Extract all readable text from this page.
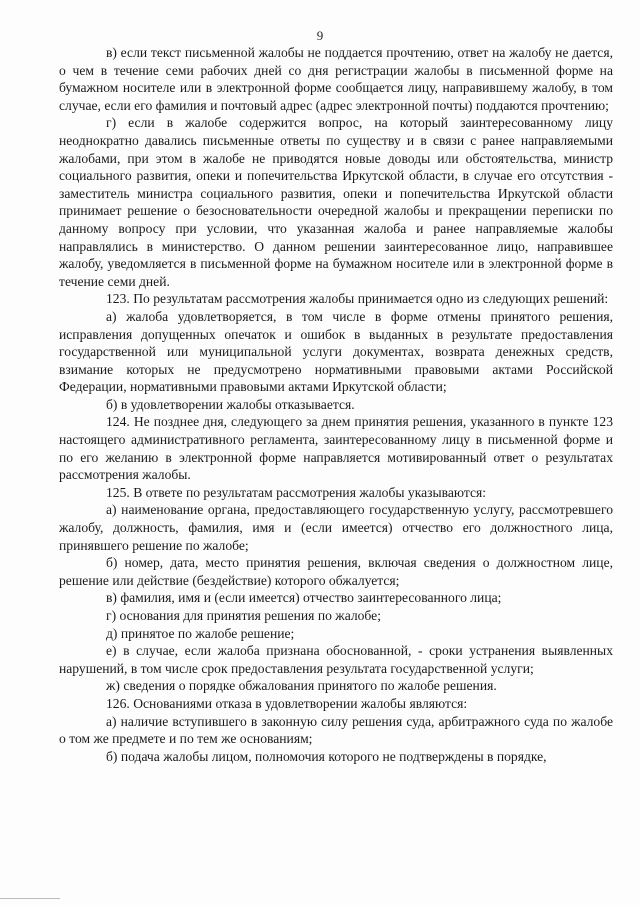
9

в) если текст письменной жалобы не поддается прочтению, ответ на жалобу не дается, о чем в течение семи рабочих дней со дня регистрации жалобы в письменной форме на бумажном носителе или в электронной форме сообщается лицу, направившему жалобу, в том случае, если его фамилия и почтовый адрес (адрес электронной почты) поддаются прочтению;

г) если в жалобе содержится вопрос, на который заинтересованному лицу неоднократно давались письменные ответы по существу и в связи с ранее направляемыми жалобами, при этом в жалобе не приводятся новые доводы или обстоятельства, министр социального развития, опеки и попечительства Иркутской области, в случае его отсутствия - заместитель министра социального развития, опеки и попечительства Иркутской области принимает решение о безосновательности очередной жалобы и прекращении переписки по данному вопросу при условии, что указанная жалоба и ранее направляемые жалобы направлялись в министерство. О данном решении заинтересованное лицо, направившее жалобу, уведомляется в письменной форме на бумажном носителе или в электронной форме в течение семи дней.

123. По результатам рассмотрения жалобы принимается одно из следующих решений:

а) жалоба удовлетворяется, в том числе в форме отмены принятого решения, исправления допущенных опечаток и ошибок в выданных в результате предоставления государственной или муниципальной услуги документах, возврата денежных средств, взимание которых не предусмотрено нормативными правовыми актами Российской Федерации, нормативными правовыми актами Иркутской области;

б) в удовлетворении жалобы отказывается.

124. Не позднее дня, следующего за днем принятия решения, указанного в пункте 123 настоящего административного регламента, заинтересованному лицу в письменной форме и по его желанию в электронной форме направляется мотивированный ответ о результатах рассмотрения жалобы.

125. В ответе по результатам рассмотрения жалобы указываются:

а) наименование органа, предоставляющего государственную услугу, рассмотревшего жалобу, должность, фамилия, имя и (если имеется) отчество его должностного лица, принявшего решение по жалобе;

б) номер, дата, место принятия решения, включая сведения о должностном лице, решение или действие (бездействие) которого обжалуется;

в) фамилия, имя и (если имеется) отчество заинтересованного лица;

г) основания для принятия решения по жалобе;

д) принятое по жалобе решение;

е) в случае, если жалоба признана обоснованной, - сроки устранения выявленных нарушений, в том числе срок предоставления результата государственной услуги;

ж) сведения о порядке обжалования принятого по жалобе решения.

126. Основаниями отказа в удовлетворении жалобы являются:

а) наличие вступившего в законную силу решения суда, арбитражного суда по жалобе о том же предмете и по тем же основаниям;

б) подача жалобы лицом, полномочия которого не подтверждены в порядке,
